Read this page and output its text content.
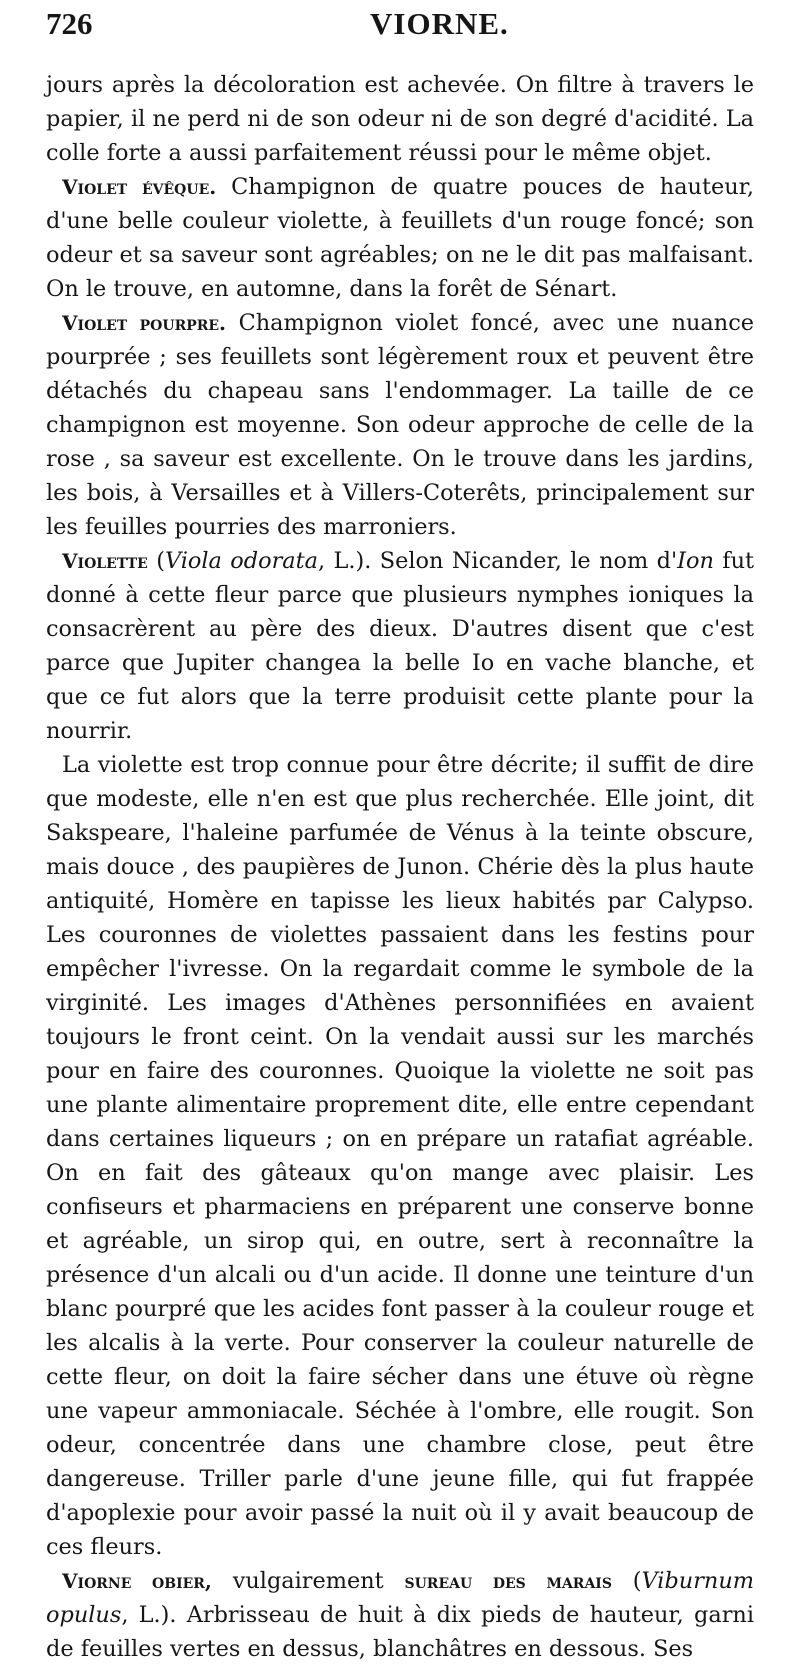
726	VIORNE.

jours après la décoloration est achevée. On filtre à travers le papier, il ne perd ni de son odeur ni de son degré d'acidité. La colle forte a aussi parfaitement réussi pour le même objet.

Violet évêque. Champignon de quatre pouces de hauteur, d'une belle couleur violette, à feuillets d'un rouge foncé; son odeur et sa saveur sont agréables; on ne le dit pas malfaisant. On le trouve, en automne, dans la forêt de Sénart.

Violet pourpre. Champignon violet foncé, avec une nuance pourprée ; ses feuillets sont légèrement roux et peuvent être détachés du chapeau sans l'endommager. La taille de ce champignon est moyenne. Son odeur approche de celle de la rose , sa saveur est excellente. On le trouve dans les jardins, les bois, à Versailles et à Villers-Coterêts, principalement sur les feuilles pourries des marroniers.

Violette (Viola odorata, L.). Selon Nicander, le nom d'Ion fut donné à cette fleur parce que plusieurs nymphes ioniques la consacrèrent au père des dieux. D'autres disent que c'est parce que Jupiter changea la belle Io en vache blanche, et que ce fut alors que la terre produisit cette plante pour la nourrir.

La violette est trop connue pour être décrite; il suffit de dire que modeste, elle n'en est que plus recherchée. Elle joint, dit Sakspeare, l'haleine parfumée de Vénus à la teinte obscure, mais douce , des paupières de Junon. Chérie dès la plus haute antiquité, Homère en tapisse les lieux habités par Calypso. Les couronnes de violettes passaient dans les festins pour empêcher l'ivresse. On la regardait comme le symbole de la virginité. Les images d'Athènes personnifiées en avaient toujours le front ceint. On la vendait aussi sur les marchés pour en faire des couronnes. Quoique la violette ne soit pas une plante alimentaire proprement dite, elle entre cependant dans certaines liqueurs ; on en prépare un ratafiat agréable. On en fait des gâteaux qu'on mange avec plaisir. Les confiseurs et pharmaciens en préparent une conserve bonne et agréable, un sirop qui, en outre, sert à reconnaître la présence d'un alcali ou d'un acide. Il donne une teinture d'un blanc pourpré que les acides font passer à la couleur rouge et les alcalis à la verte. Pour conserver la couleur naturelle de cette fleur, on doit la faire sécher dans une étuve où règne une vapeur ammoniacale. Séchée à l'ombre, elle rougit. Son odeur, concentrée dans une chambre close, peut être dangereuse. Triller parle d'une jeune fille, qui fut frappée d'apoplexie pour avoir passé la nuit où il y avait beaucoup de ces fleurs.

Viorne obier, vulgairement sureau des marais (Viburnum opulus, L.). Arbrisseau de huit à dix pieds de hauteur, garni de feuilles vertes en dessus, blanchâtres en dessous. Ses
